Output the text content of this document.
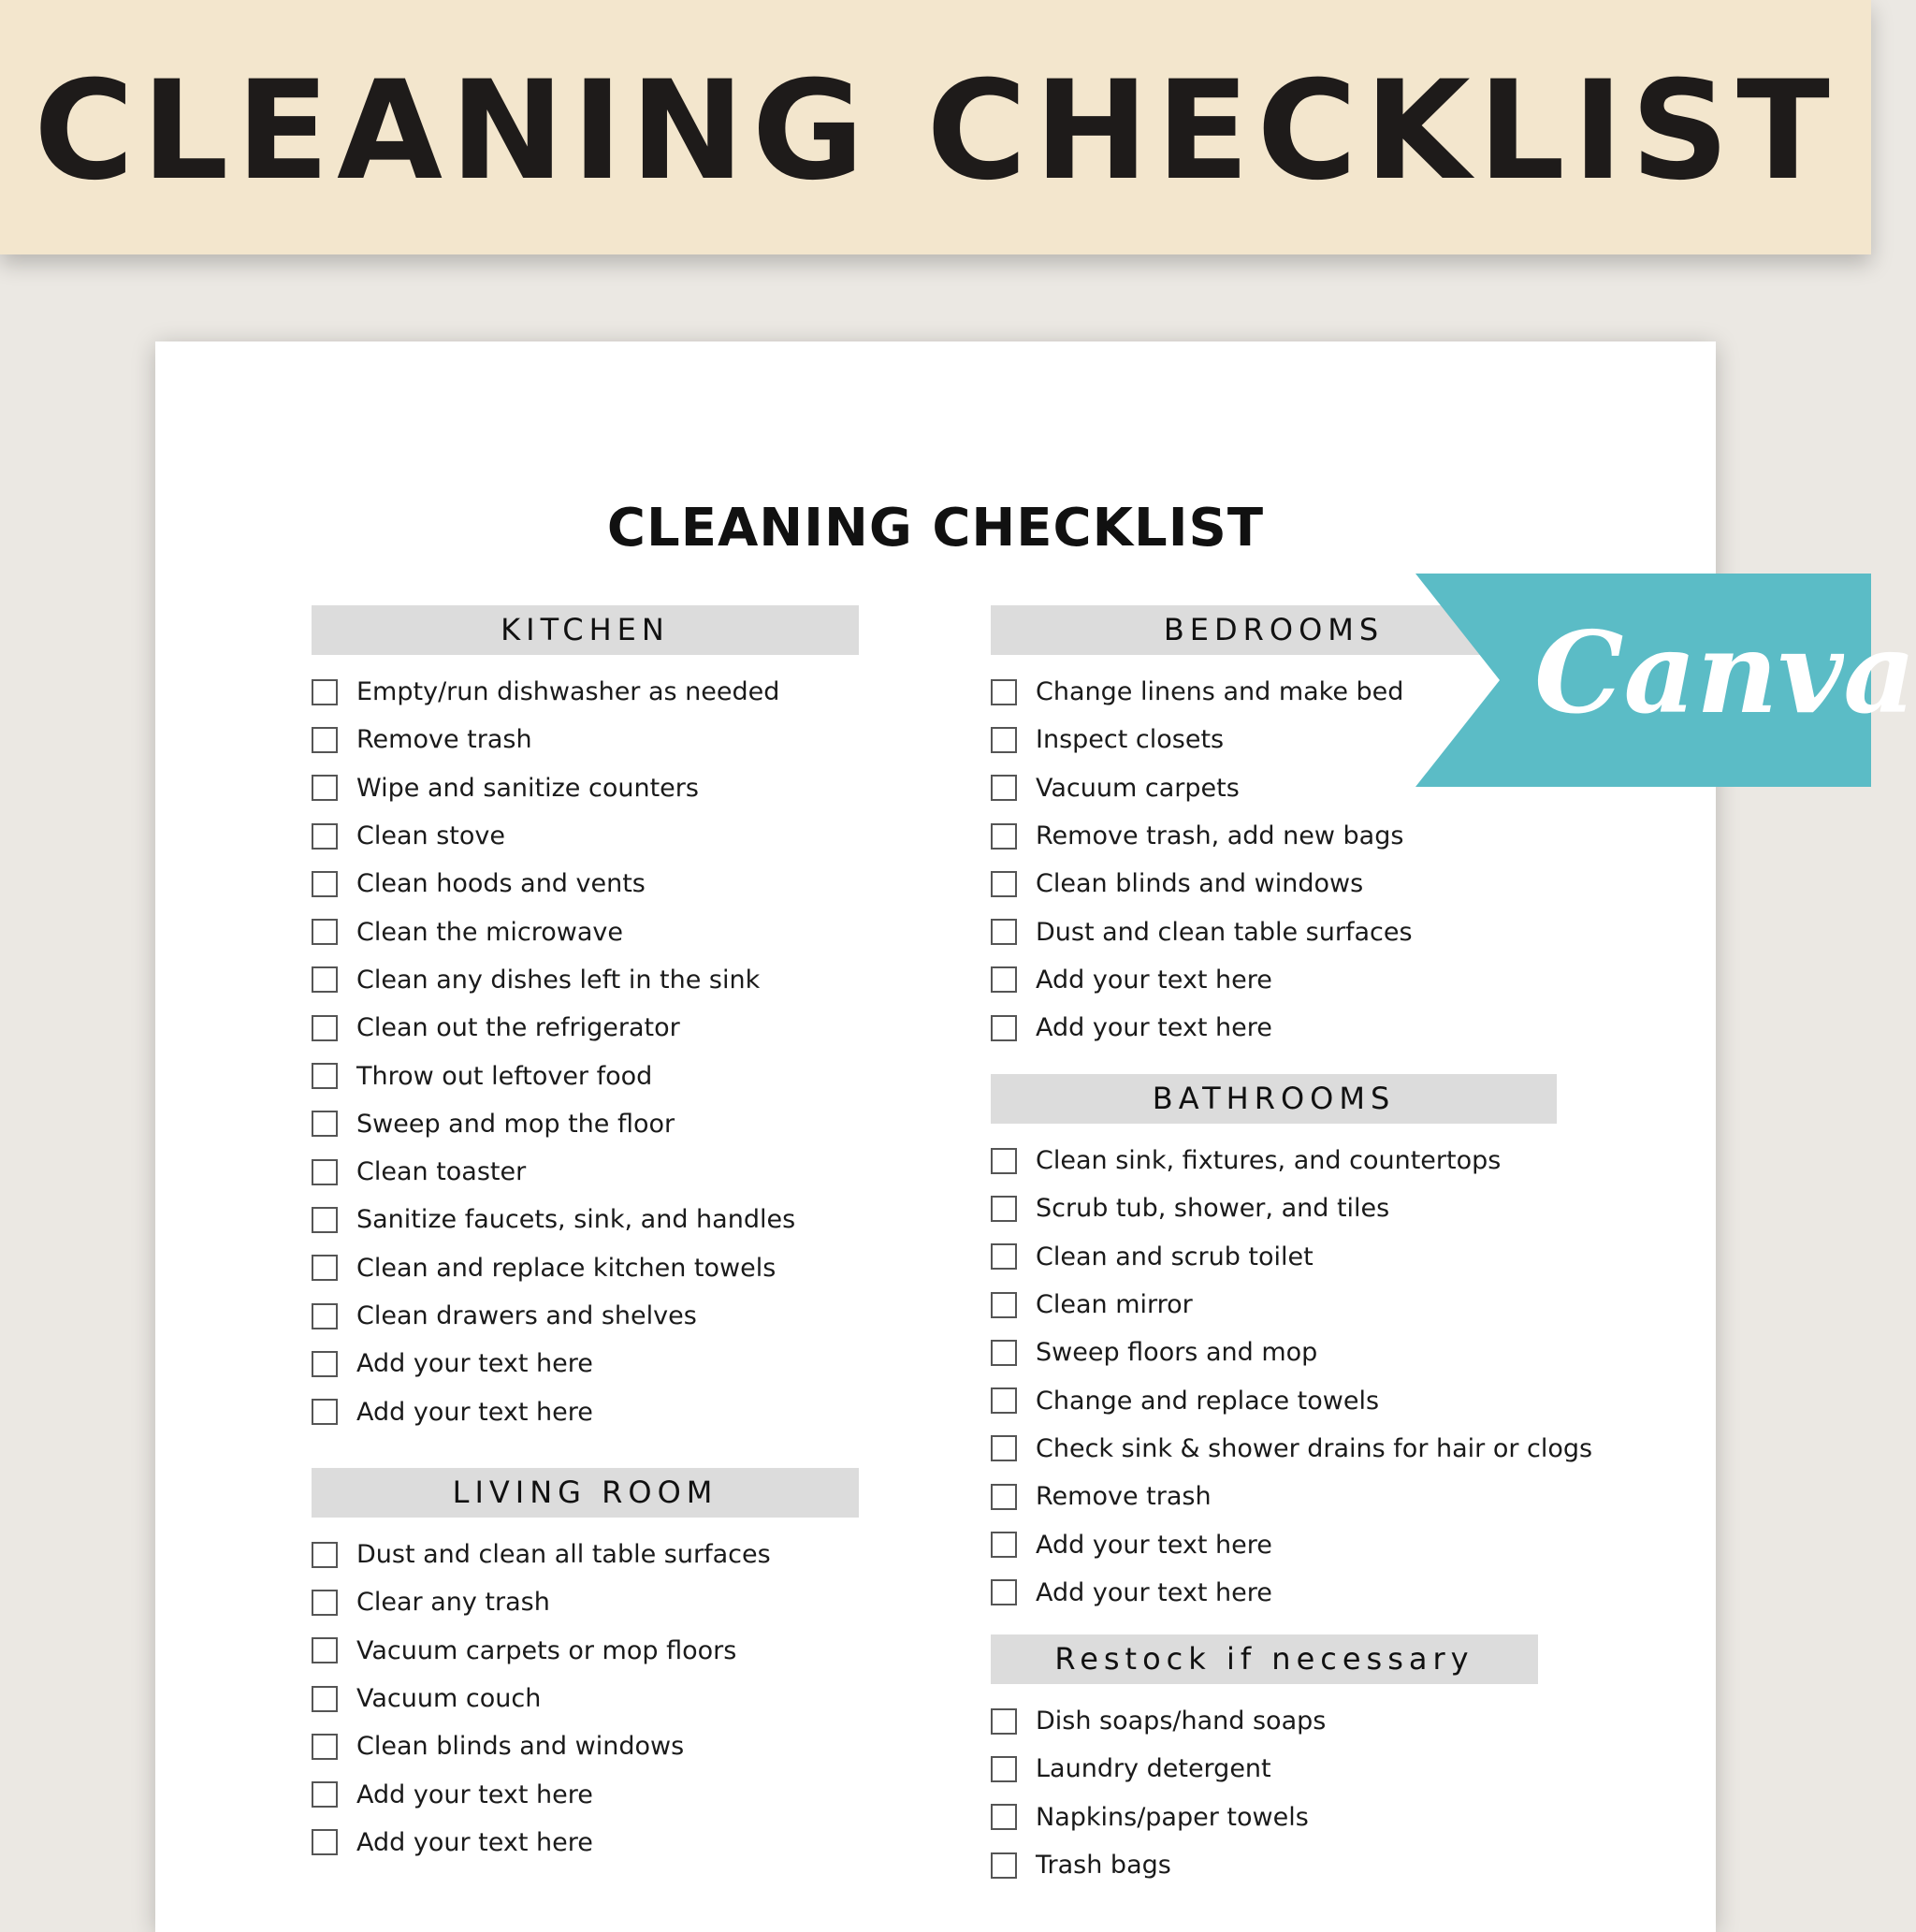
CLEANING CHECKLIST
CLEANING CHECKLIST
KITCHEN
Empty/run dishwasher as needed
Remove trash
Wipe and sanitize counters
Clean stove
Clean hoods and vents
Clean the microwave
Clean any dishes left in the sink
Clean out the refrigerator
Throw out leftover food
Sweep and mop the floor
Clean toaster
Sanitize faucets, sink, and handles
Clean and replace kitchen towels
Clean drawers and shelves
Add your text here
Add your text here
LIVING ROOM
Dust and clean all table surfaces
Clear any trash
Vacuum carpets or mop floors
Vacuum couch
Clean blinds and windows
Add your text here
Add your text here
BEDROOMS
Change linens and make bed
Inspect closets
Vacuum carpets
Remove trash, add new bags
Clean blinds and windows
Dust and clean table surfaces
Add your text here
Add your text here
BATHROOMS
Clean sink, fixtures, and countertops
Scrub tub, shower, and tiles
Clean and scrub toilet
Clean mirror
Sweep floors and mop
Change and replace towels
Check sink & shower drains for hair or clogs
Remove trash
Add your text here
Add your text here
Restock if necessary
Dish soaps/hand soaps
Laundry detergent
Napkins/paper towels
Trash bags
Canva
